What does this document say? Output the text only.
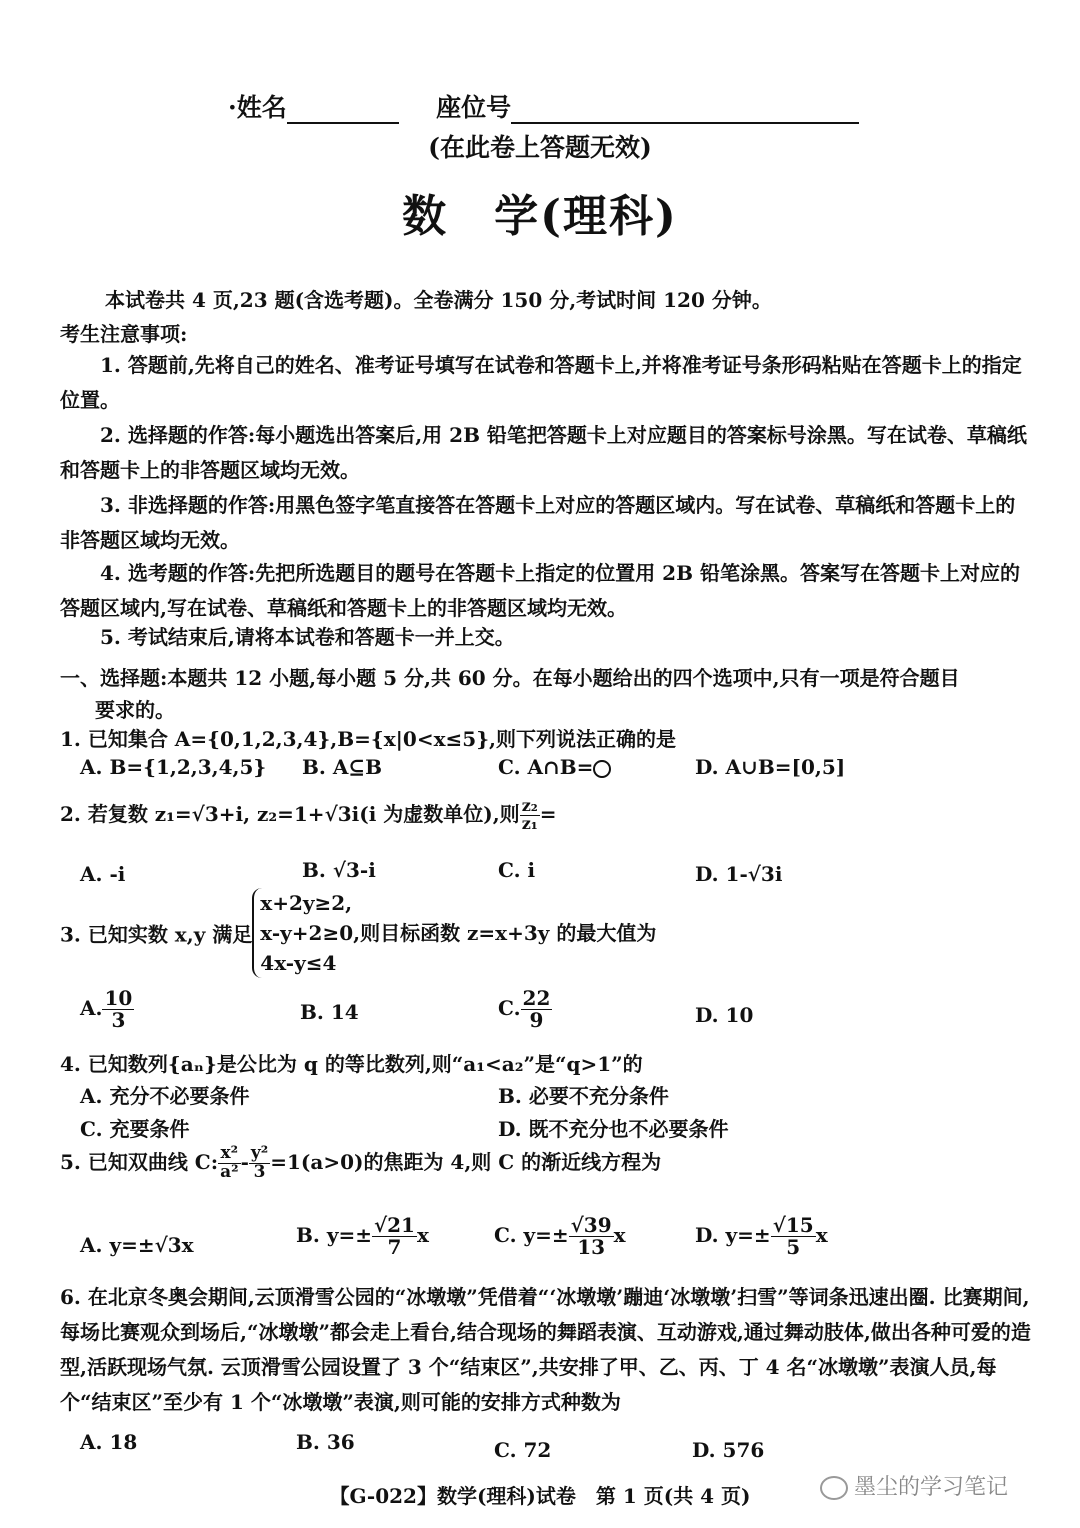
·姓名	座位号
(在此卷上答题无效)
数　学(理科)
本试卷共 4 页,23 题(含选考题)。全卷满分 150 分,考试时间 120 分钟。
考生注意事项:
1. 答题前,先将自己的姓名、准考证号填写在试卷和答题卡上,并将准考证号条形码粘贴在答题卡上的指定位置。
2. 选择题的作答:每小题选出答案后,用 2B 铅笔把答题卡上对应题目的答案标号涂黑。写在试卷、草稿纸和答题卡上的非答题区域均无效。
3. 非选择题的作答:用黑色签字笔直接答在答题卡上对应的答题区域内。写在试卷、草稿纸和答题卡上的非答题区域均无效。
4. 选考题的作答:先把所选题目的题号在答题卡上指定的位置用 2B 铅笔涂黑。答案写在答题卡上对应的答题区域内,写在试卷、草稿纸和答题卡上的非答题区域均无效。
5. 考试结束后,请将本试卷和答题卡一并上交。
一、选择题:本题共 12 小题,每小题 5 分,共 60 分。在每小题给出的四个选项中,只有一项是符合题目
要求的。
1. 已知集合 A={0,1,2,3,4},B={x|0<x≤5},则下列说法正确的是
A. B={1,2,3,4,5} B. A⊆B	C. A∩B=	D. A∪B=[0,5]
2. 若复数 z₁=√3+i, z₂=1+√3i(i 为虚数单位),则 $\frac{\text{z₂}}{\text{z₁}}$ =
A. -i	B. √3-i	C. i	D. 1-√3i
3. 已知实数 x,y 满足
x+2y≥2,
x-y+2≥0,则目标函数 z=x+3y 的最大值为
4x-y≤4
A. $\frac{10}{3}$	B. 14	C. $\frac{22}{9}$	D. 10
4. 已知数列{aₙ}是公比为 q 的等比数列,则“a₁<a₂”是“q>1”的
A. 充分不必要条件	B. 必要不充分条件
C. 充要条件	D. 既不充分也不必要条件
5. 已知双曲线 C: $\frac{\text{x²}}{\text{a²}} - \frac{\text{y²}}{3} =1(a>0)$的焦距为 4,则 C 的渐近线方程为
A. y=±√3x	B. $y=\pm \frac{√21}{7}$ x	C. $y=\pm \frac{√39}{13}$ x	D. $y=\pm \frac{√15}{5}$ x
6. 在北京冬奥会期间,云顶滑雪公园的“冰墩墩”凭借着“‘冰墩墩’蹦迪‘冰墩墩’扫雪”等词条迅速出圈. 比赛期间,每场比赛观众到场后,“冰墩墩”都会走上看台,结合现场的舞蹈表演、互动游戏,通过舞动肢体,做出各种可爱的造型,活跃现场气氛. 云顶滑雪公园设置了 3 个“结束区”,共安排了甲、乙、丙、丁 4 名“冰墩墩”表演人员,每个“结束区”至少有 1 个“冰墩墩”表演,则可能的安排方式种数为
A. 18	B. 36	C. 72	D. 576
【G-022】数学(理科)试卷　第 1 页(共 4 页)	墨尘的学习笔记
